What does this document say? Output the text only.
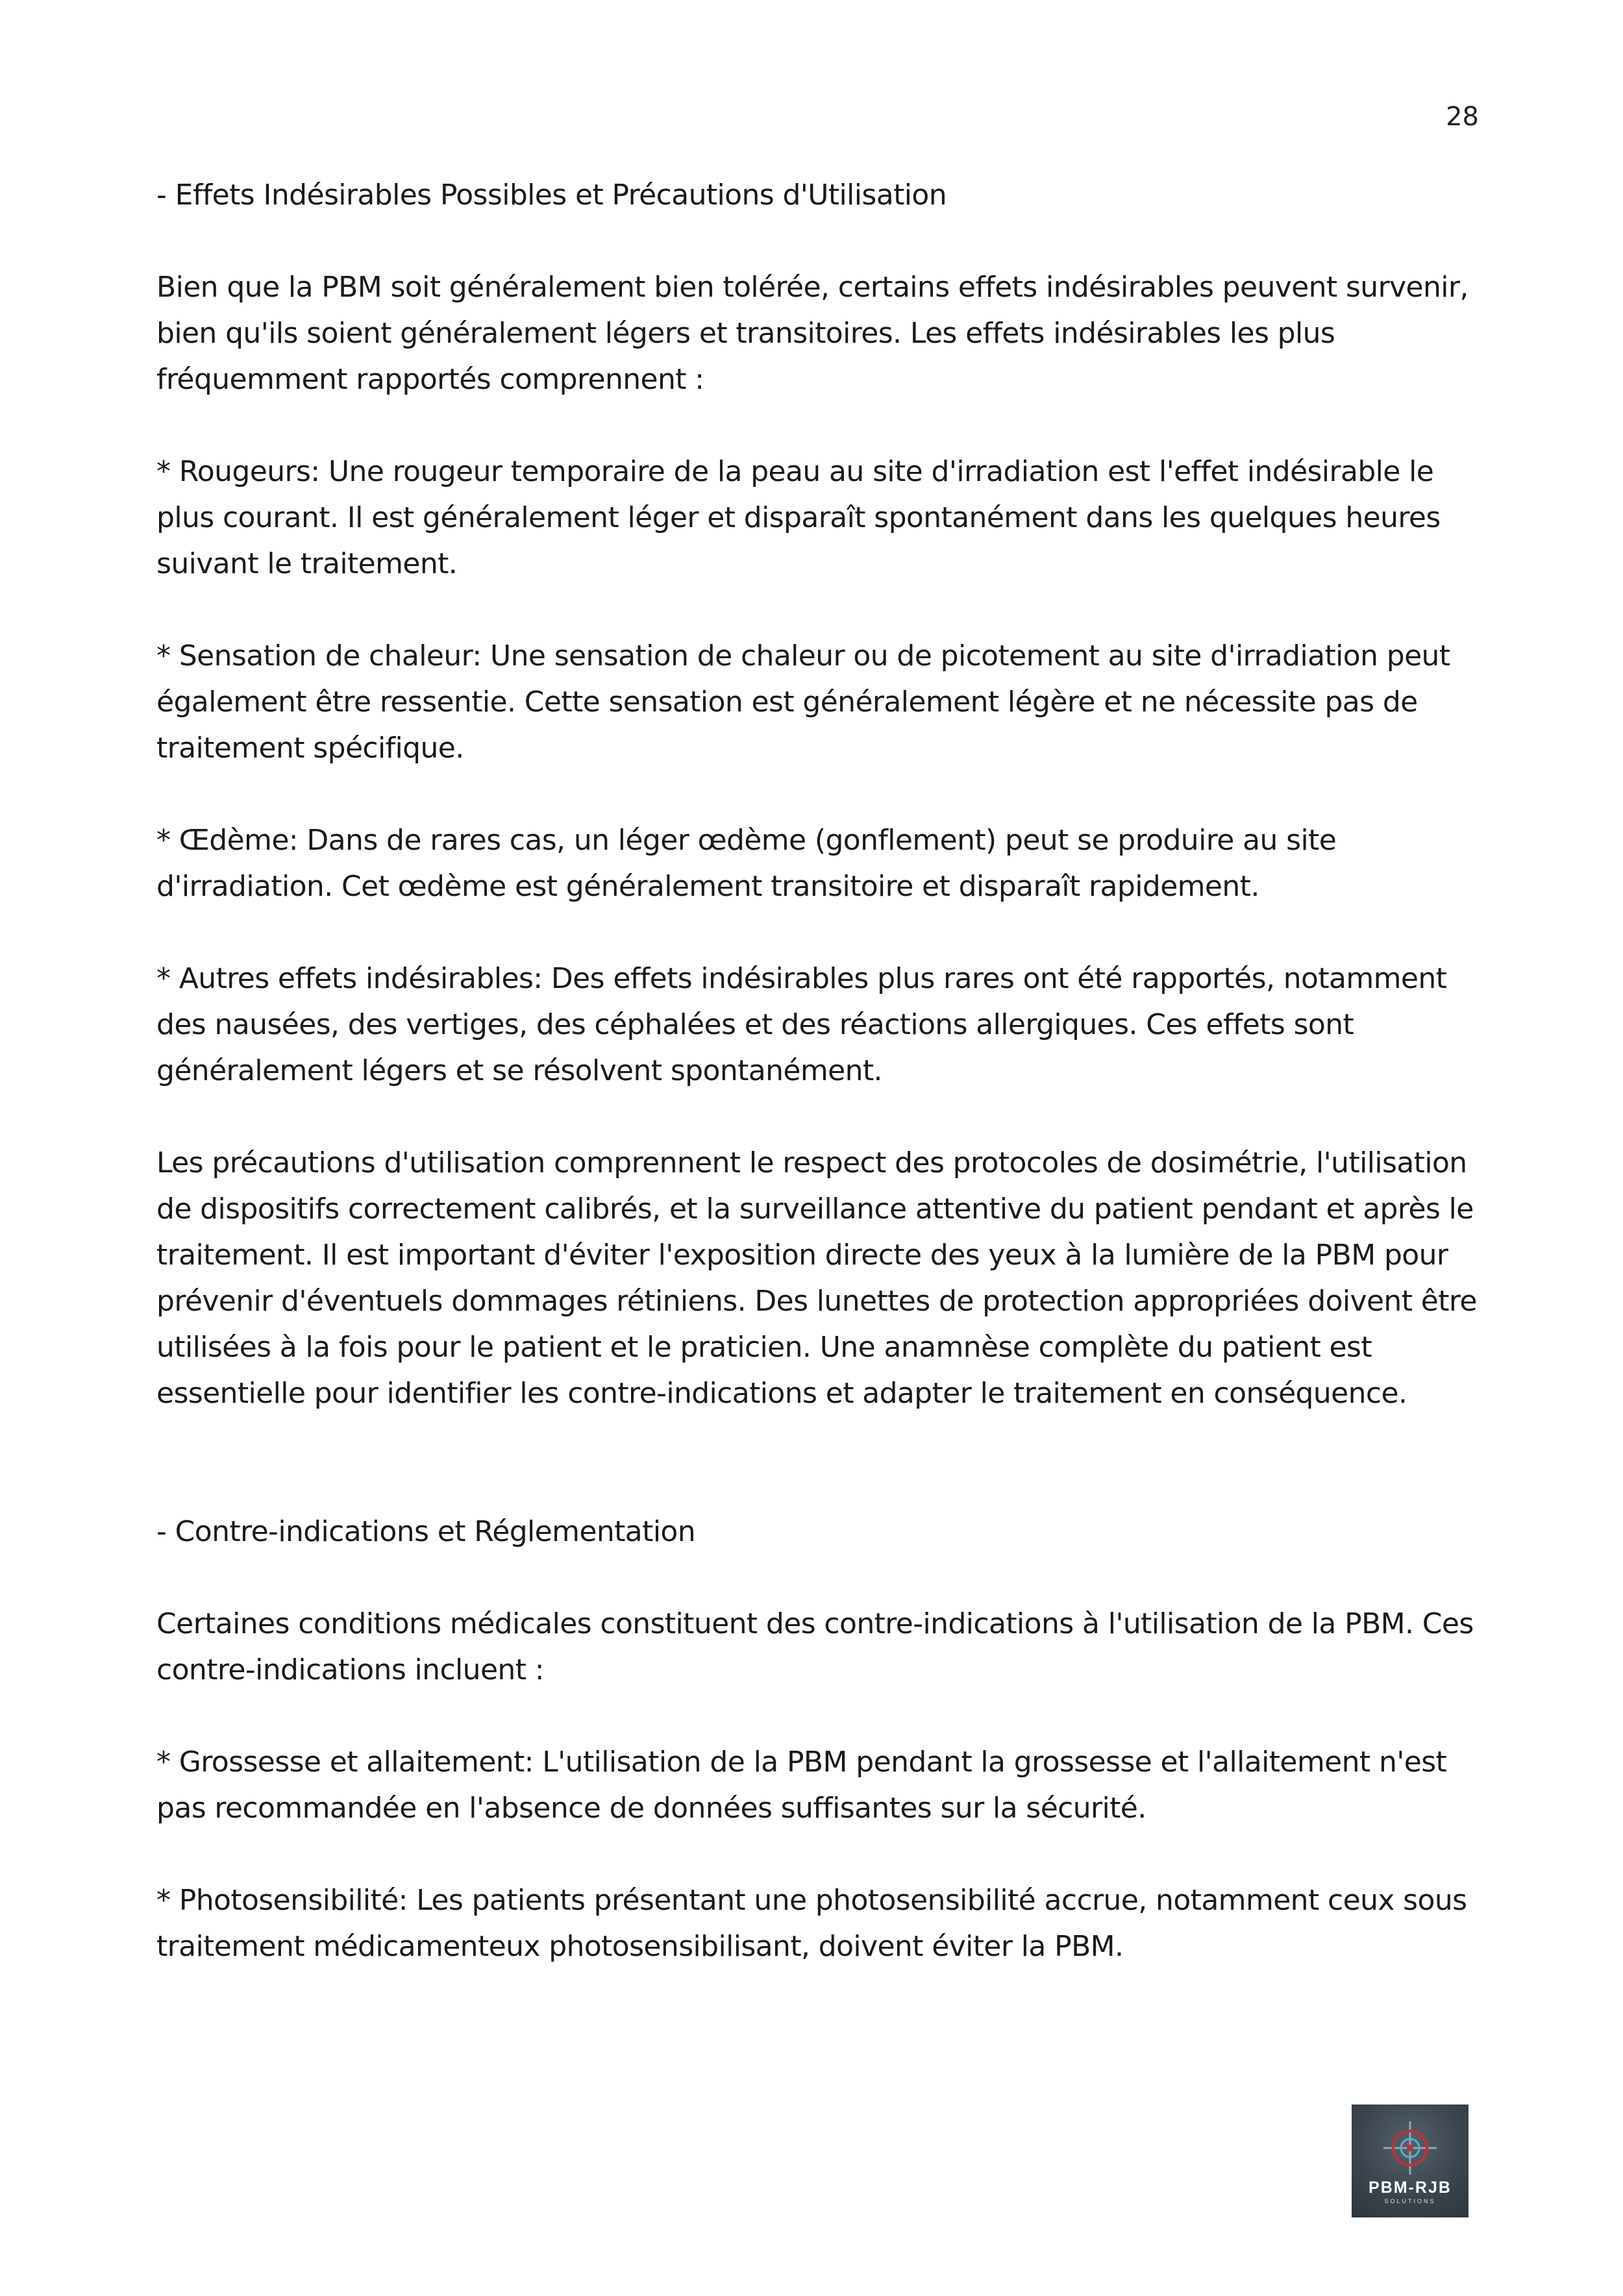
28

- Effets Indésirables Possibles et Précautions d'Utilisation

Bien que la PBM soit généralement bien tolérée, certains effets indésirables peuvent survenir, bien qu'ils soient généralement légers et transitoires. Les effets indésirables les plus fréquemment rapportés comprennent :

* Rougeurs: Une rougeur temporaire de la peau au site d'irradiation est l'effet indésirable le plus courant. Il est généralement léger et disparaît spontanément dans les quelques heures suivant le traitement.

* Sensation de chaleur: Une sensation de chaleur ou de picotement au site d'irradiation peut également être ressentie. Cette sensation est généralement légère et ne nécessite pas de traitement spécifique.

* Œdème: Dans de rares cas, un léger œdème (gonflement) peut se produire au site d'irradiation. Cet œdème est généralement transitoire et disparaît rapidement.

* Autres effets indésirables: Des effets indésirables plus rares ont été rapportés, notamment des nausées, des vertiges, des céphalées et des réactions allergiques. Ces effets sont généralement légers et se résolvent spontanément.

Les précautions d'utilisation comprennent le respect des protocoles de dosimétrie, l'utilisation de dispositifs correctement calibrés, et la surveillance attentive du patient pendant et après le traitement. Il est important d'éviter l'exposition directe des yeux à la lumière de la PBM pour prévenir d'éventuels dommages rétiniens. Des lunettes de protection appropriées doivent être utilisées à la fois pour le patient et le praticien. Une anamnèse complète du patient est essentielle pour identifier les contre-indications et adapter le traitement en conséquence.

- Contre-indications et Réglementation

Certaines conditions médicales constituent des contre-indications à l'utilisation de la PBM. Ces contre-indications incluent :

* Grossesse et allaitement: L'utilisation de la PBM pendant la grossesse et l'allaitement n'est pas recommandée en l'absence de données suffisantes sur la sécurité.

* Photosensibilité: Les patients présentant une photosensibilité accrue, notamment ceux sous traitement médicamenteux photosensibilisant, doivent éviter la PBM.

PBM-RJB
SOLUTIONS
